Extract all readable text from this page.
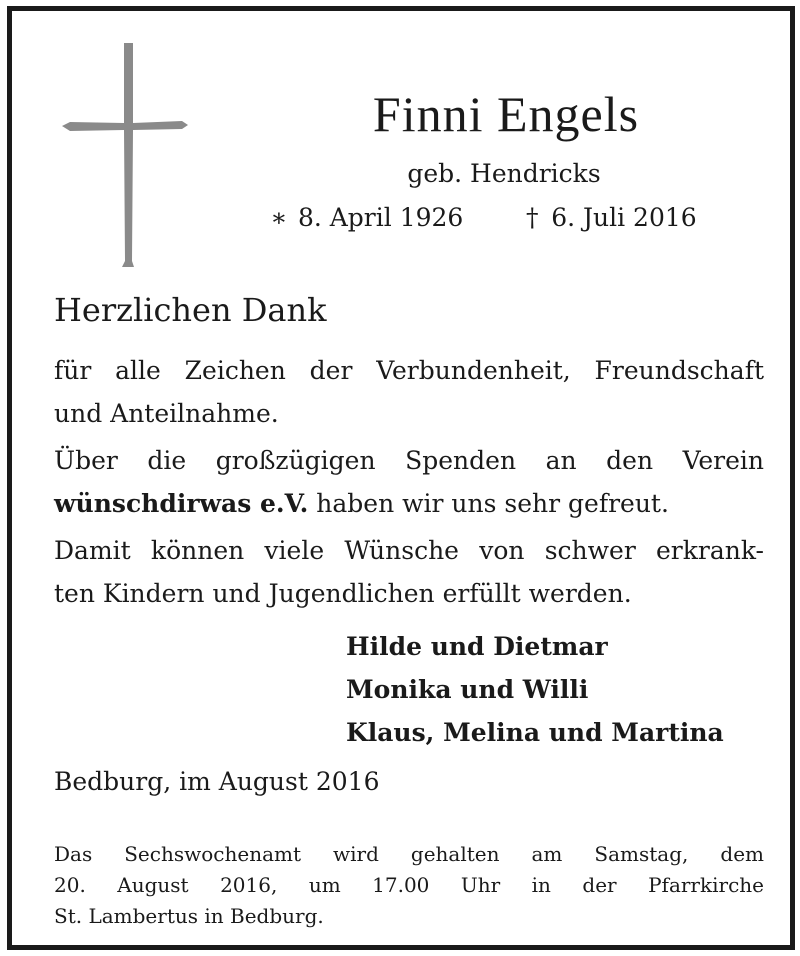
Finni Engels
geb. Hendricks
∗ 8. April 1926	† 6. Juli 2016
Herzlichen Dank
für alle Zeichen der Verbundenheit, Freundschaft
und Anteilnahme.
Über die großzügigen Spenden an den Verein
wünschdirwas e.V. haben wir uns sehr gefreut.
Damit können viele Wünsche von schwer erkrank-
ten Kindern und Jugendlichen erfüllt werden.
Hilde und Dietmar
Monika und Willi
Klaus, Melina und Martina
Bedburg, im August 2016
Das Sechswochenamt wird gehalten am Samstag, dem
20. August 2016, um 17.00 Uhr in der Pfarrkirche
St. Lambertus in Bedburg.
